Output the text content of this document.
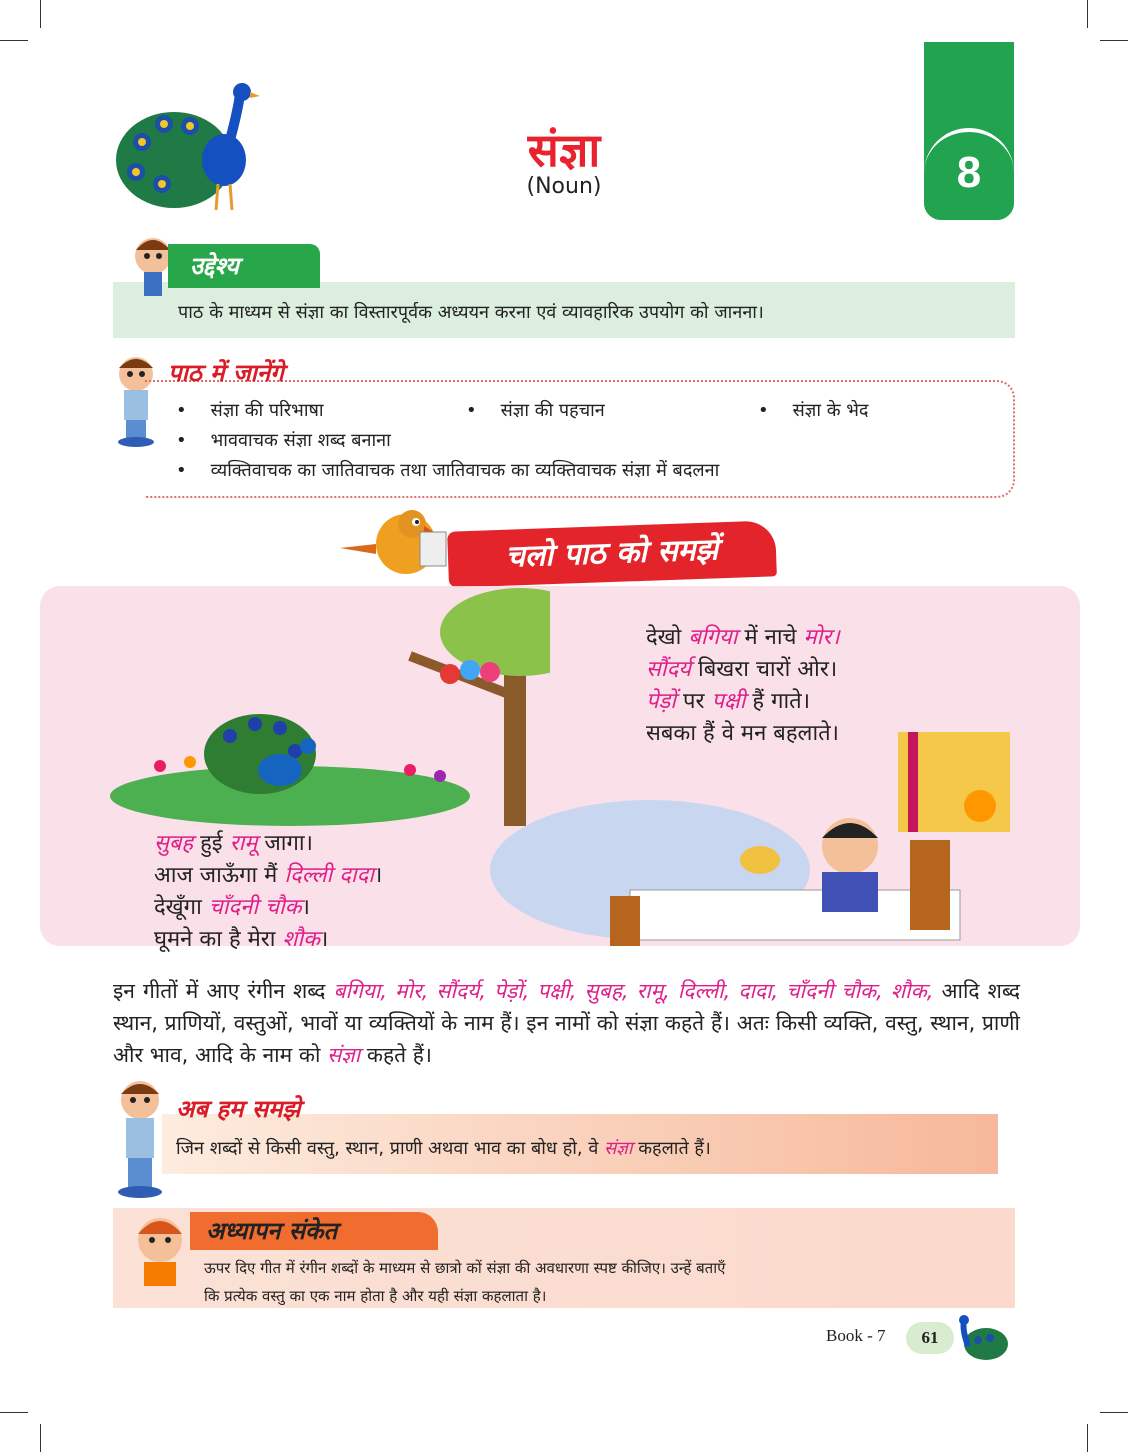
संज्ञा
(Noun)	8
उद्देश्य
पाठ के माध्यम से संज्ञा का विस्तारपूर्वक अध्ययन करना एवं व्यावहारिक उपयोग को जानना।
पाठ में जानेंगे
• संज्ञा की परिभाषा	• संज्ञा की पहचान	• संज्ञा के भेद
• भाववाचक संज्ञा शब्द बनाना
• व्यक्तिवाचक का जातिवाचक तथा जातिवाचक का व्यक्तिवाचक संज्ञा में बदलना
चलो पाठ को समझें
देखो बगिया में नाचे मोर।
सौंदर्य बिखरा चारों ओर।
पेड़ों पर पक्षी हैं गाते।
सबका हैं वे मन बहलाते।
सुबह हुई रामू जागा।
आज जाऊँगा मैं दिल्ली दादा।
देखूँगा चाँदनी चौक।
घूमने का है मेरा शौक।
इन गीतों में आए रंगीन शब्द बगिया, मोर, सौंदर्य, पेड़ों, पक्षी, सुबह, रामू, दिल्ली, दादा, चाँदनी चौक, शौक, आदि शब्द स्थान, प्राणियों, वस्तुओं, भावों या व्यक्तियों के नाम हैं। इन नामों को संज्ञा कहते हैं। अतः किसी व्यक्ति, वस्तु, स्थान, प्राणी और भाव, आदि के नाम को संज्ञा कहते हैं।
अब हम समझे
जिन शब्दों से किसी वस्तु, स्थान, प्राणी अथवा भाव का बोध हो, वे संज्ञा कहलाते हैं।
अध्यापन संकेत
ऊपर दिए गीत में रंगीन शब्दों के माध्यम से छात्रो कों संज्ञा की अवधारणा स्पष्ट कीजिए। उन्हें बताएँ
कि प्रत्येक वस्तु का एक नाम होता है और यही संज्ञा कहलाता है।
Book - 7	61
